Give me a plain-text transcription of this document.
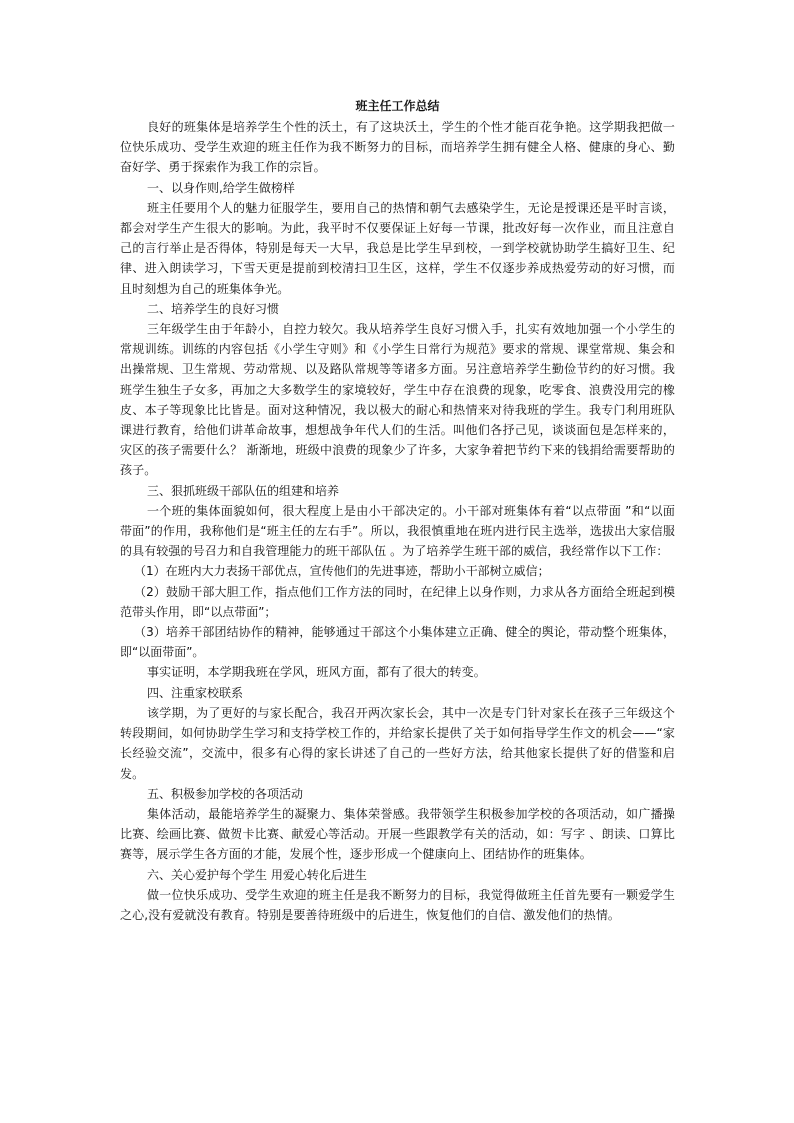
班主任工作总结

良好的班集体是培养学生个性的沃土，有了这块沃土，学生的个性才能百花争艳。这学期我把做一位快乐成功、受学生欢迎的班主任作为我不断努力的目标，而培养学生拥有健全人格、健康的身心、勤奋好学、勇于探索作为我工作的宗旨。

一、以身作则,给学生做榜样

班主任要用个人的魅力征服学生，要用自己的热情和朝气去感染学生，无论是授课还是平时言谈，都会对学生产生很大的影响。为此，我平时不仅要保证上好每一节课，批改好每一次作业，而且注意自己的言行举止是否得体，特别是每天一大早，我总是比学生早到校，一到学校就协助学生搞好卫生、纪律、进入朗读学习，下雪天更是提前到校清扫卫生区，这样，学生不仅逐步养成热爱劳动的好习惯，而且时刻想为自己的班集体争光。

二、培养学生的良好习惯

三年级学生由于年龄小，自控力较欠。我从培养学生良好习惯入手，扎实有效地加强一个小学生的常规训练。训练的内容包括《小学生守则》和《小学生日常行为规范》要求的常规、课堂常规、集会和出操常规、卫生常规、劳动常规、以及路队常规等等诸多方面。另注意培养学生勤俭节约的好习惯。我班学生独生子女多，再加之大多数学生的家境较好，学生中存在浪费的现象，吃零食、浪费没用完的橡皮、本子等现象比比皆是。面对这种情况，我以极大的耐心和热情来对待我班的学生。我专门利用班队课进行教育，给他们讲革命故事，想想战争年代人们的生活。叫他们各抒己见，谈谈面包是怎样来的，灾区的孩子需要什么？ 渐渐地，班级中浪费的现象少了许多，大家争着把节约下来的钱捐给需要帮助的孩子。

三、狠抓班级干部队伍的组建和培养

一个班的集体面貌如何，很大程度上是由小干部决定的。小干部对班集体有着“以点带面 ”和“以面带面”的作用，我称他们是“班主任的左右手”。所以，我很慎重地在班内进行民主选举，选拔出大家信服的具有较强的号召力和自我管理能力的班干部队伍 。为了培养学生班干部的威信，我经常作以下工作：

（1）在班内大力表扬干部优点，宣传他们的先进事迹，帮助小干部树立威信；

（2）鼓励干部大胆工作，指点他们工作方法的同时，在纪律上以身作则，力求从各方面给全班起到模范带头作用，即“以点带面”；

（3）培养干部团结协作的精神，能够通过干部这个小集体建立正确、健全的舆论，带动整个班集体，即“以面带面”。

事实证明，本学期我班在学风，班风方面，都有了很大的转变。

四、注重家校联系

该学期，为了更好的与家长配合，我召开两次家长会，其中一次是专门针对家长在孩子三年级这个转段期间，如何协助学生学习和支持学校工作的，并给家长提供了关于如何指导学生作文的机会——“家长经验交流”，交流中，很多有心得的家长讲述了自己的一些好方法，给其他家长提供了好的借鉴和启发。

五、积极参加学校的各项活动

集体活动，最能培养学生的凝聚力、集体荣誉感。我带领学生积极参加学校的各项活动，如广播操比赛、绘画比赛、做贺卡比赛、献爱心等活动。开展一些跟教学有关的活动，如：写字 、朗读、口算比赛等，展示学生各方面的才能，发展个性，逐步形成一个健康向上、团结协作的班集体。

六、关心爱护每个学生 用爱心转化后进生

做一位快乐成功、受学生欢迎的班主任是我不断努力的目标，我觉得做班主任首先要有一颗爱学生之心,没有爱就没有教育。特别是要善待班级中的后进生，恢复他们的自信、激发他们的热情。
